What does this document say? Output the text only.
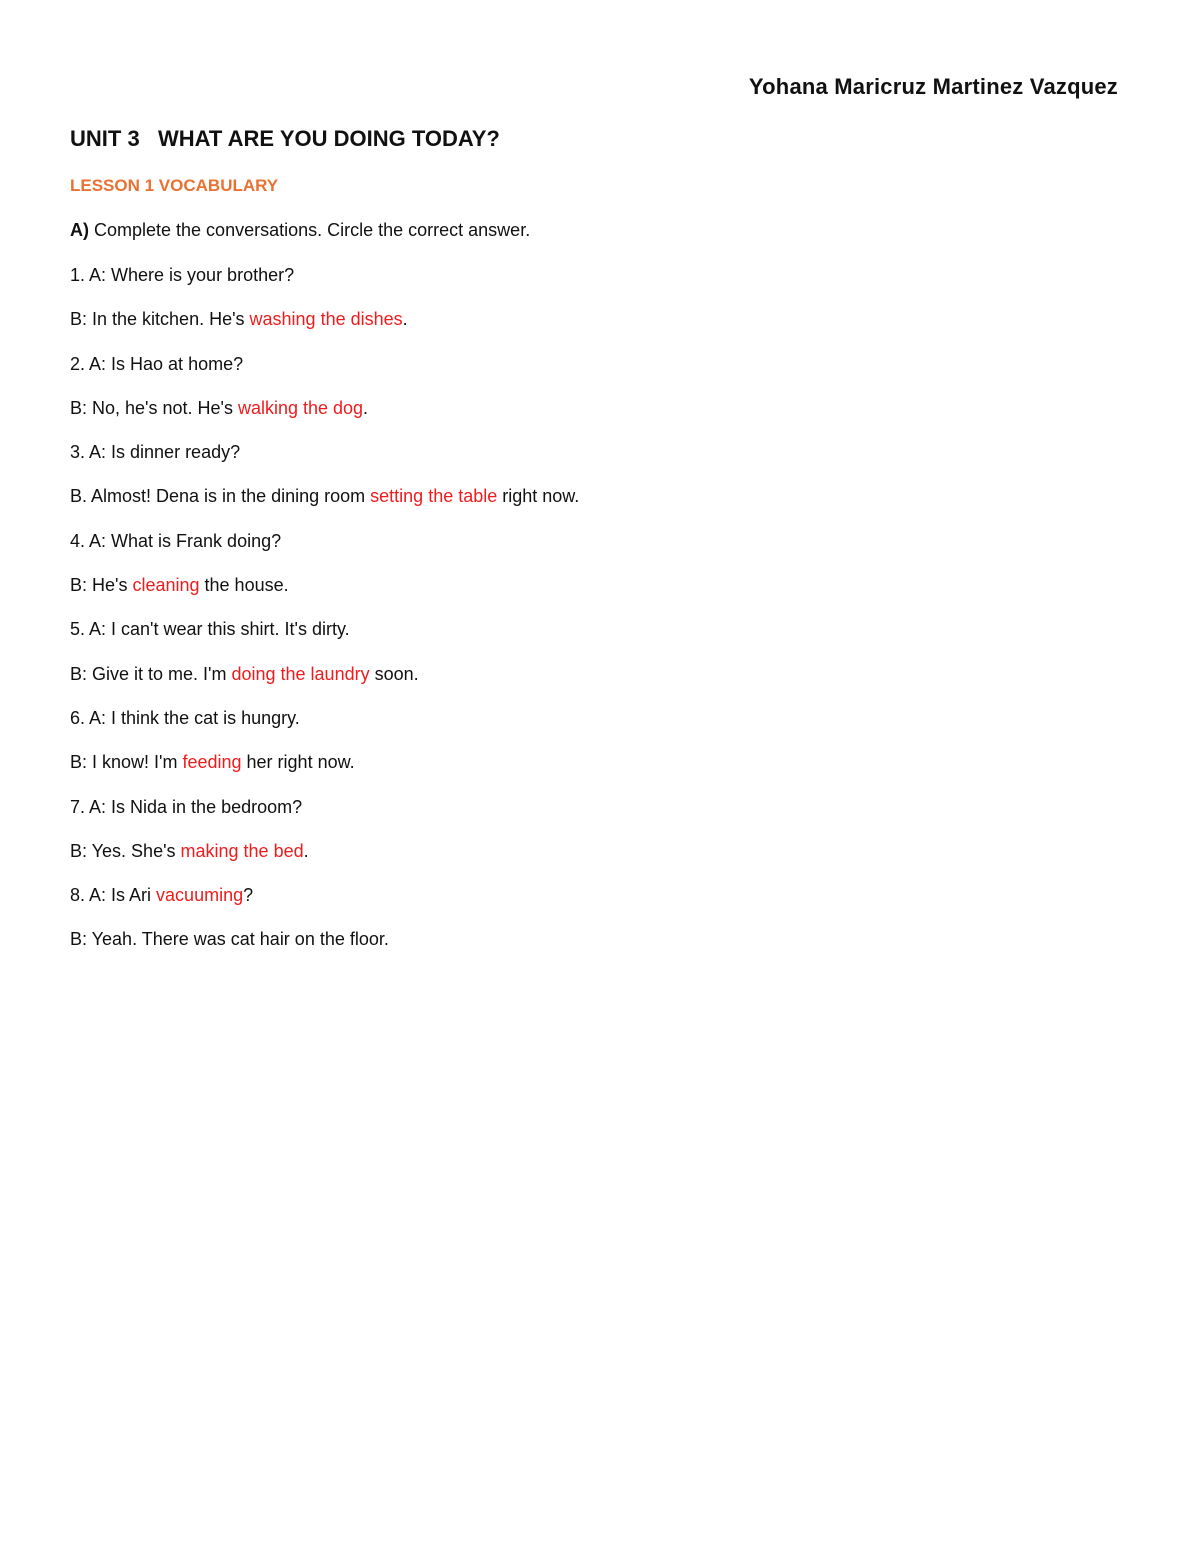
Yohana Maricruz Martinez Vazquez
UNIT 3   WHAT ARE YOU DOING TODAY?
LESSON 1 VOCABULARY
A) Complete the conversations. Circle the correct answer.
1. A: Where is your brother?
B: In the kitchen. He's washing the dishes.
2. A: Is Hao at home?
B: No, he's not. He's walking the dog.
3. A: Is dinner ready?
B. Almost! Dena is in the dining room setting the table right now.
4. A: What is Frank doing?
B: He's cleaning the house.
5. A: I can't wear this shirt. It's dirty.
B: Give it to me. I'm doing the laundry soon.
6. A: I think the cat is hungry.
B: I know! I'm feeding her right now.
7. A: Is Nida in the bedroom?
B: Yes. She's making the bed.
8. A: Is Ari vacuuming?
B: Yeah. There was cat hair on the floor.
